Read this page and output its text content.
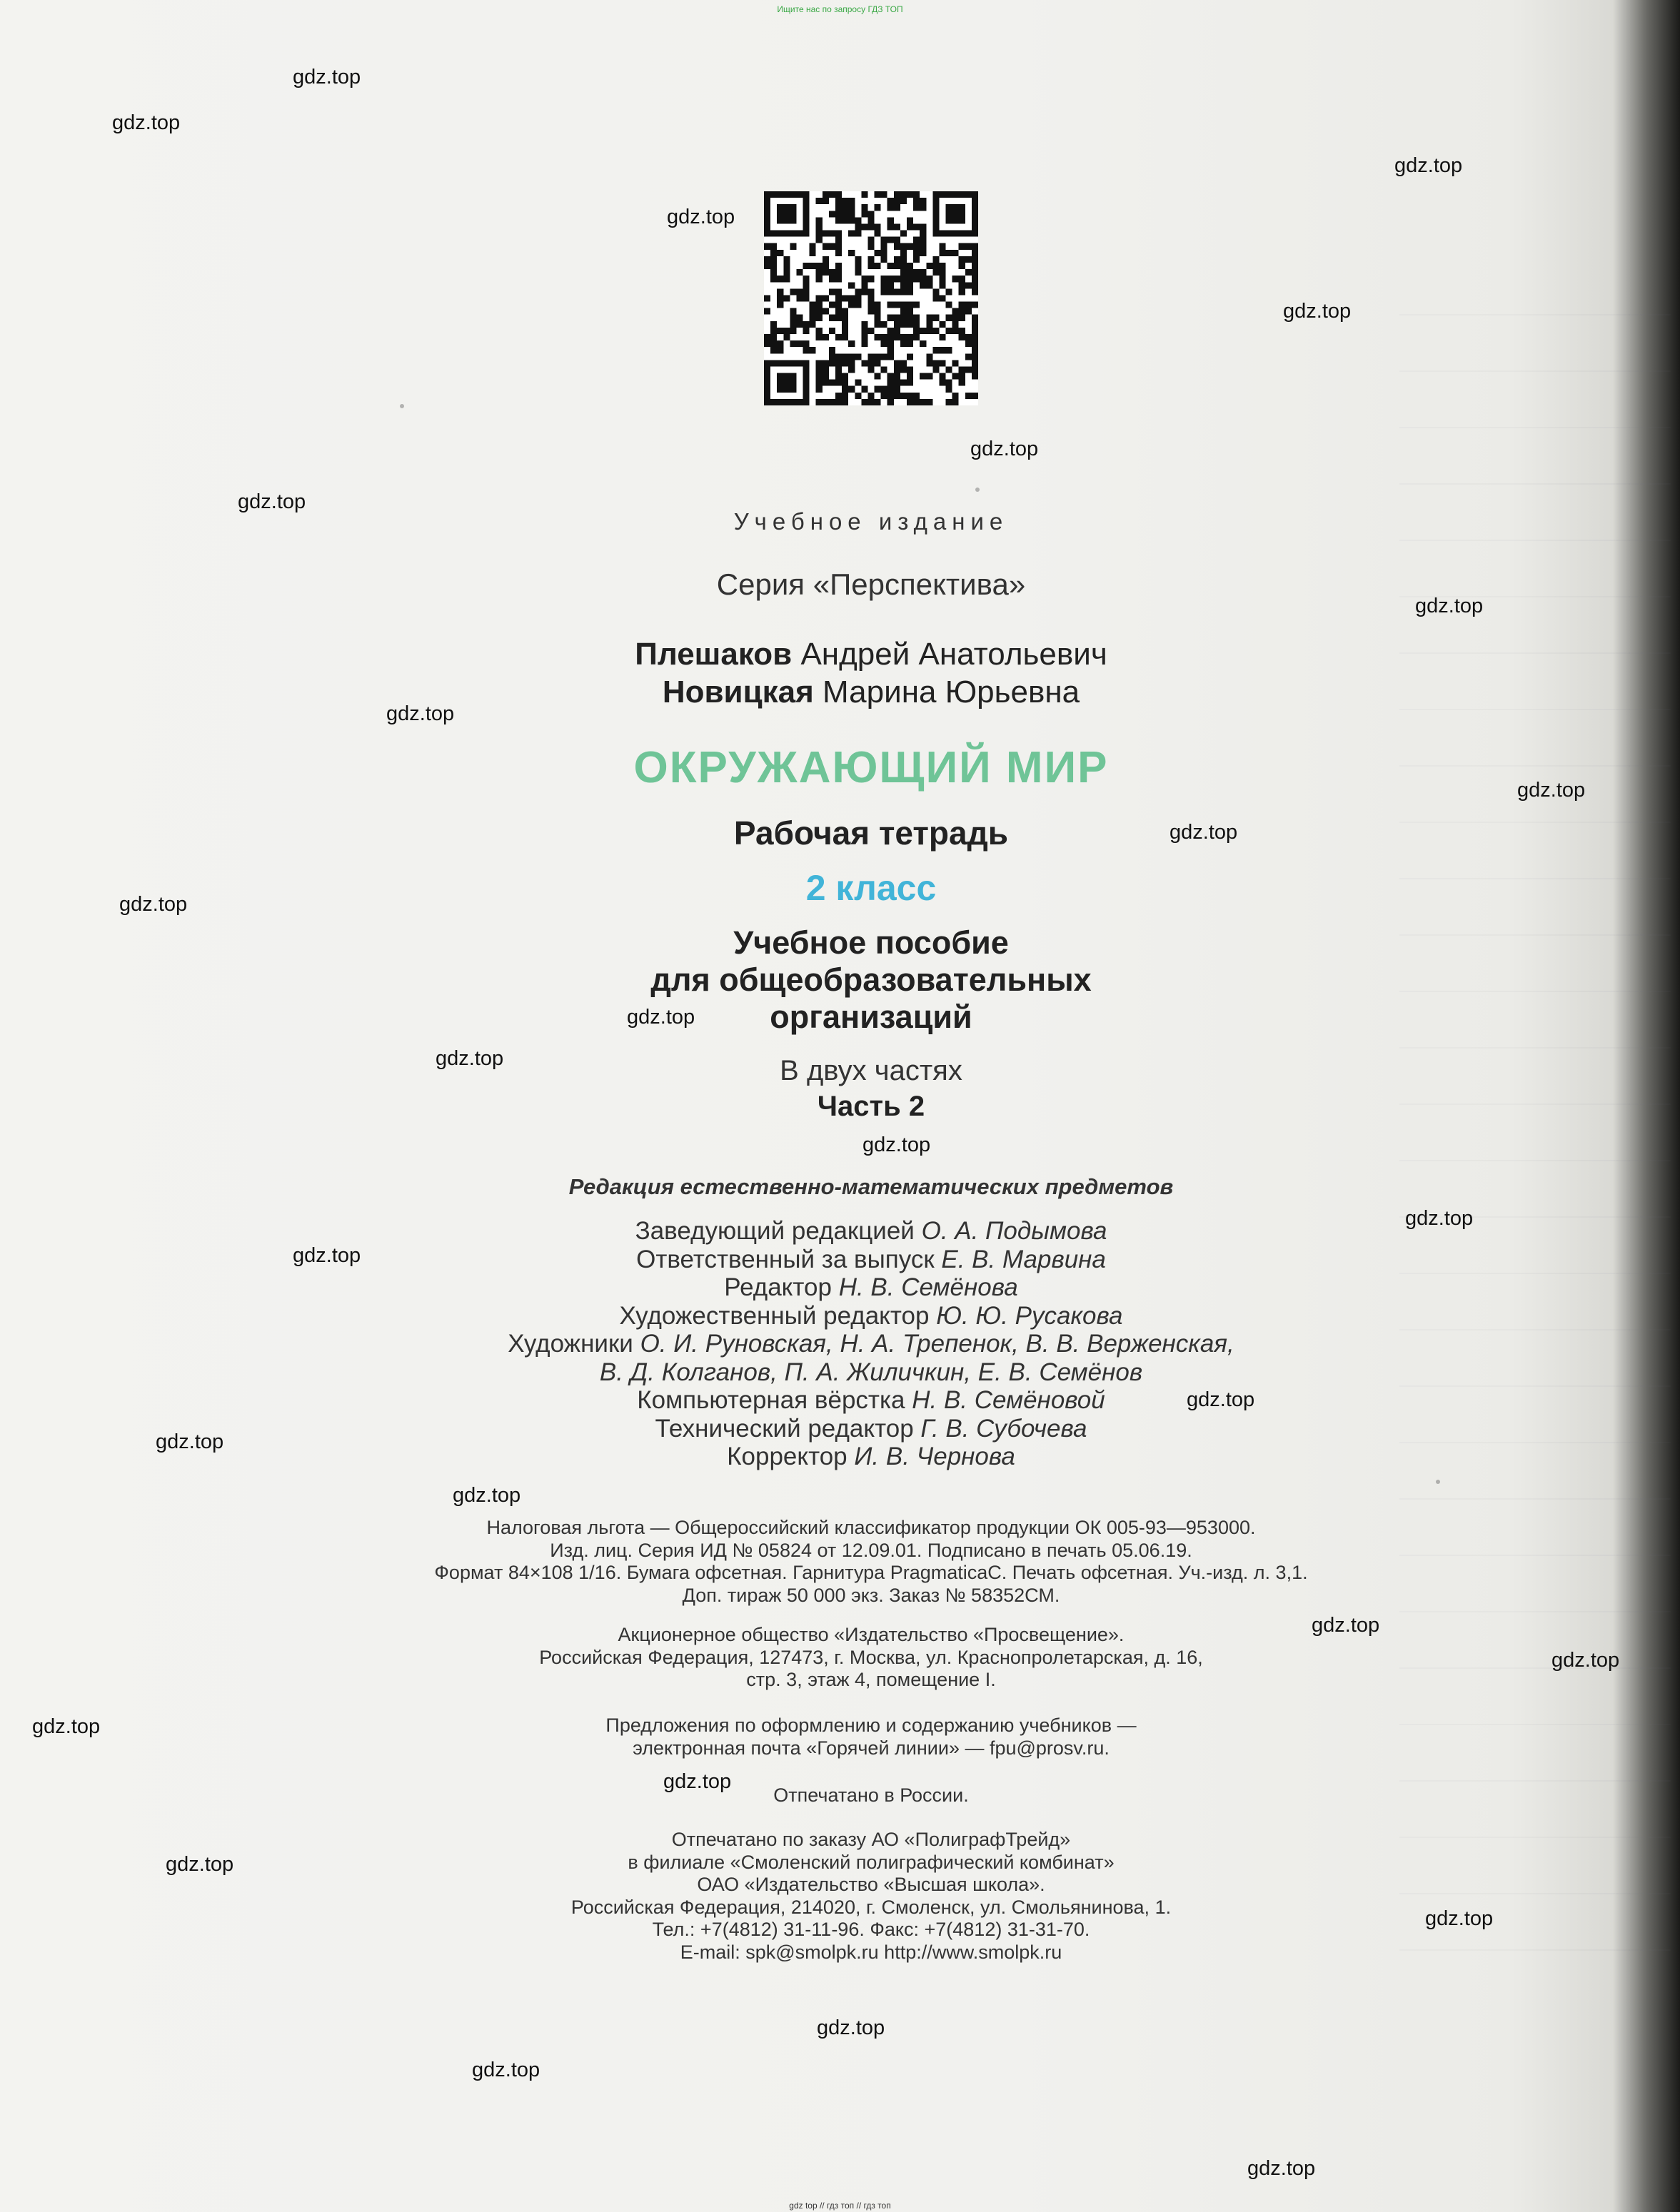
Ищите нас по запросу ГДЗ ТОП
Учебное издание
Серия «Перспектива»
Плешаков Андрей Анатольевич
Новицкая Марина Юрьевна
ОКРУЖАЮЩИЙ МИР
Рабочая тетрадь
2 класс
Учебное пособие
для общеобразовательных
организаций
В двух частях
Часть 2
Редакция естественно-математических предметов
Заведующий редакцией О. А. Подымова
Ответственный за выпуск Е. В. Марвина
Редактор Н. В. Семёнова
Художественный редактор Ю. Ю. Русакова
Художники О. И. Руновская, Н. А. Трепенок, В. В. Верженская,
В. Д. Колганов, П. А. Жиличкин, Е. В. Семёнов
Компьютерная вёрстка Н. В. Семёновой
Технический редактор Г. В. Субочева
Корректор И. В. Чернова
Налоговая льгота — Общероссийский классификатор продукции ОК 005-93—953000.
Изд. лиц. Серия ИД № 05824 от 12.09.01. Подписано в печать 05.06.19.
Формат 84×108 1/16. Бумага офсетная. Гарнитура PragmaticaC. Печать офсетная. Уч.-изд. л. 3,1.
Доп. тираж 50 000 экз. Заказ № 58352СМ.
Акционерное общество «Издательство «Просвещение».
Российская Федерация, 127473, г. Москва, ул. Краснопролетарская, д. 16,
стр. 3, этаж 4, помещение I.
Предложения по оформлению и содержанию учебников —
электронная почта «Горячей линии» — fpu@prosv.ru.
Отпечатано в России.
Отпечатано по заказу АО «ПолиграфТрейд»
в филиале «Смоленский полиграфический комбинат»
ОАО «Издательство «Высшая школа».
Российская Федерация, 214020, г. Смоленск, ул. Смольянинова, 1.
Тел.: +7(4812) 31-11-96. Факс: +7(4812) 31-31-70.
E-mail: spk@smolpk.ru http://www.smolpk.ru
gdz.top
gdz.top
gdz.top
gdz.top
gdz.top
gdz.top
gdz.top
gdz.top
gdz.top
gdz.top
gdz.top
gdz.top
gdz.top
gdz.top
gdz.top
gdz.top
gdz.top
gdz.top
gdz.top
gdz.top
gdz.top
gdz.top
gdz.top
gdz.top
gdz.top
gdz.top
gdz.top
gdz.top
gdz.top
gdz top // гдз топ // гдз топ
